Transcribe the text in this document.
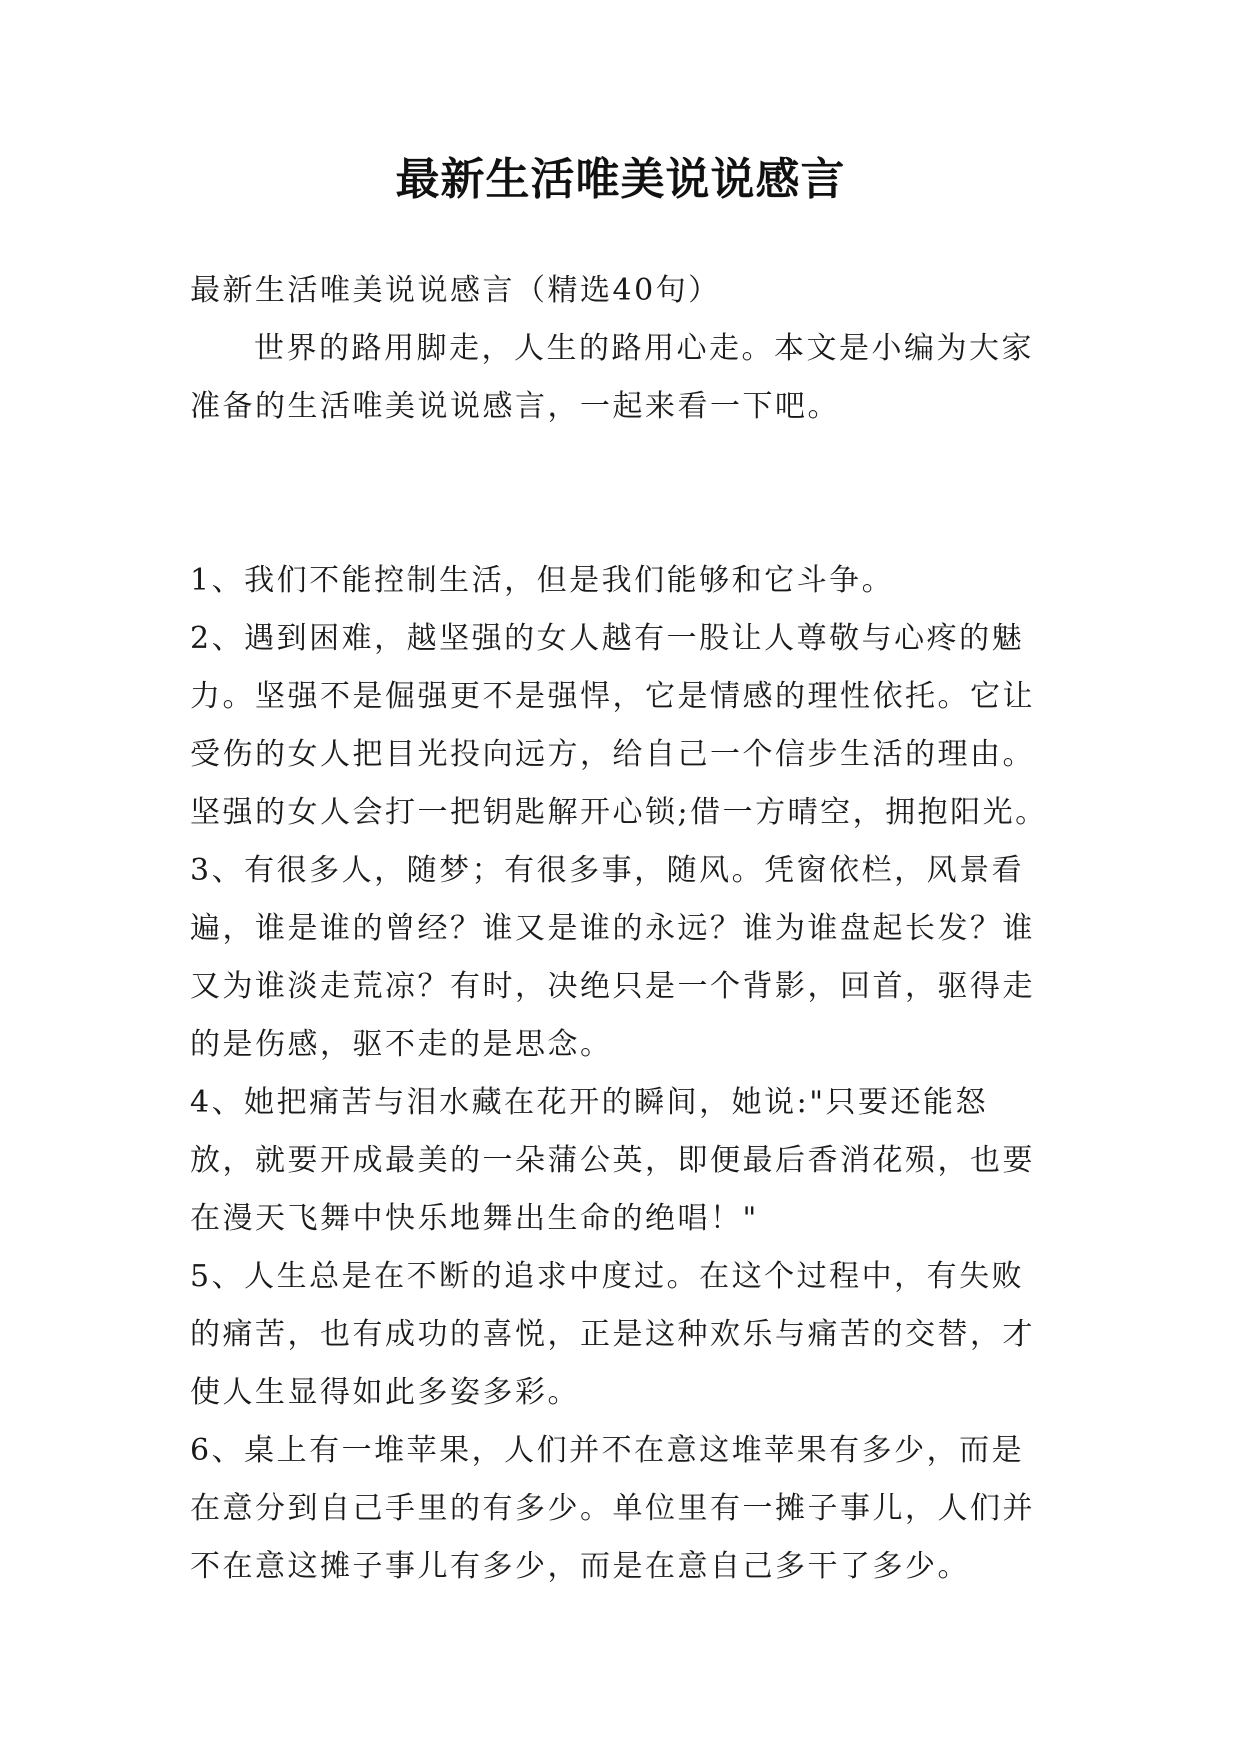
最新生活唯美说说感言

最新生活唯美说说感言（精选40句）

世界的路用脚走，人生的路用心走。本文是小编为大家准备的生活唯美说说感言，一起来看一下吧。

1、我们不能控制生活，但是我们能够和它斗争。

2、遇到困难，越坚强的女人越有一股让人尊敬与心疼的魅力。坚强不是倔强更不是强悍，它是情感的理性依托。它让受伤的女人把目光投向远方，给自己一个信步生活的理由。坚强的女人会打一把钥匙解开心锁;借一方晴空，拥抱阳光。

3、有很多人，随梦；有很多事，随风。凭窗依栏，风景看遍，谁是谁的曾经？谁又是谁的永远？谁为谁盘起长发？谁又为谁淡走荒凉？有时，决绝只是一个背影，回首，驱得走的是伤感，驱不走的是思念。

4、她把痛苦与泪水藏在花开的瞬间，她说:"只要还能怒放，就要开成最美的一朵蒲公英，即便最后香消花殒，也要在漫天飞舞中快乐地舞出生命的绝唱！"

5、人生总是在不断的追求中度过。在这个过程中，有失败的痛苦，也有成功的喜悦，正是这种欢乐与痛苦的交替，才使人生显得如此多姿多彩。

6、桌上有一堆苹果，人们并不在意这堆苹果有多少，而是在意分到自己手里的有多少。单位里有一摊子事儿，人们并不在意这摊子事儿有多少，而是在意自己多干了多少。
